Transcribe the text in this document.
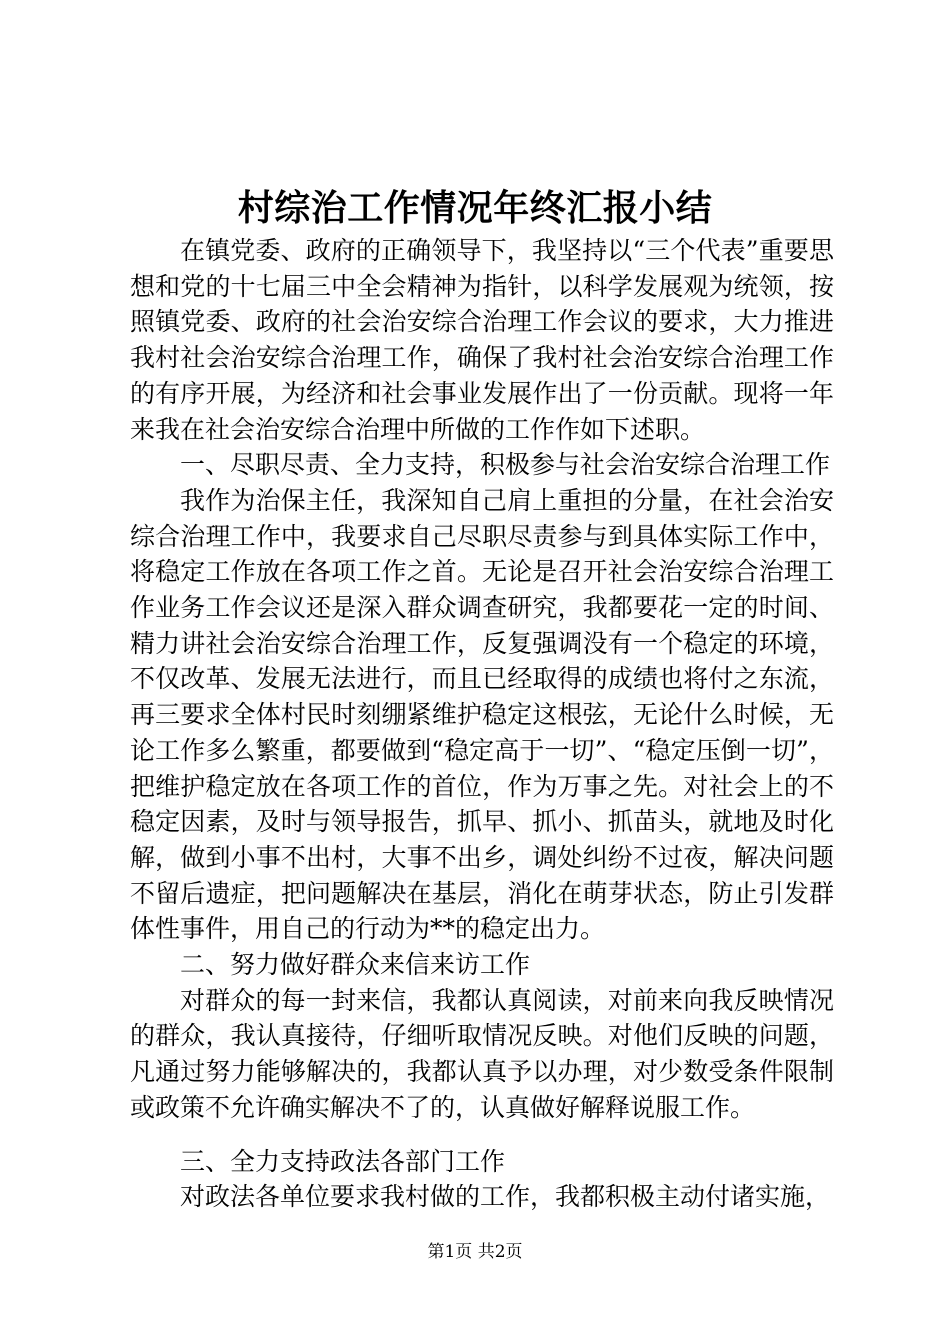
村综治工作情况年终汇报小结

在镇党委、政府的正确领导下，我坚持以“三个代表”重要思想和党的十七届三中全会精神为指针，以科学发展观为统领，按照镇党委、政府的社会治安综合治理工作会议的要求，大力推进我村社会治安综合治理工作，确保了我村社会治安综合治理工作的有序开展，为经济和社会事业发展作出了一份贡献。现将一年来我在社会治安综合治理中所做的工作作如下述职。

一、尽职尽责、全力支持，积极参与社会治安综合治理工作

我作为治保主任，我深知自己肩上重担的分量，在社会治安综合治理工作中，我要求自己尽职尽责参与到具体实际工作中，将稳定工作放在各项工作之首。无论是召开社会治安综合治理工作业务工作会议还是深入群众调查研究，我都要花一定的时间、精力讲社会治安综合治理工作，反复强调没有一个稳定的环境，不仅改革、发展无法进行，而且已经取得的成绩也将付之东流，再三要求全体村民时刻绷紧维护稳定这根弦，无论什么时候，无论工作多么繁重，都要做到“稳定高于一切”、“稳定压倒一切”，把维护稳定放在各项工作的首位，作为万事之先。对社会上的不稳定因素，及时与领导报告，抓早、抓小、抓苗头，就地及时化解，做到小事不出村，大事不出乡，调处纠纷不过夜，解决问题不留后遗症，把问题解决在基层，消化在萌芽状态，防止引发群体性事件，用自己的行动为**的稳定出力。

二、努力做好群众来信来访工作

对群众的每一封来信，我都认真阅读，对前来向我反映情况的群众，我认真接待，仔细听取情况反映。对他们反映的问题，凡通过努力能够解决的，我都认真予以办理，对少数受条件限制或政策不允许确实解决不了的，认真做好解释说服工作。

三、全力支持政法各部门工作

对政法各单位要求我村做的工作，我都积极主动付诸实施，

第1页 共2页
